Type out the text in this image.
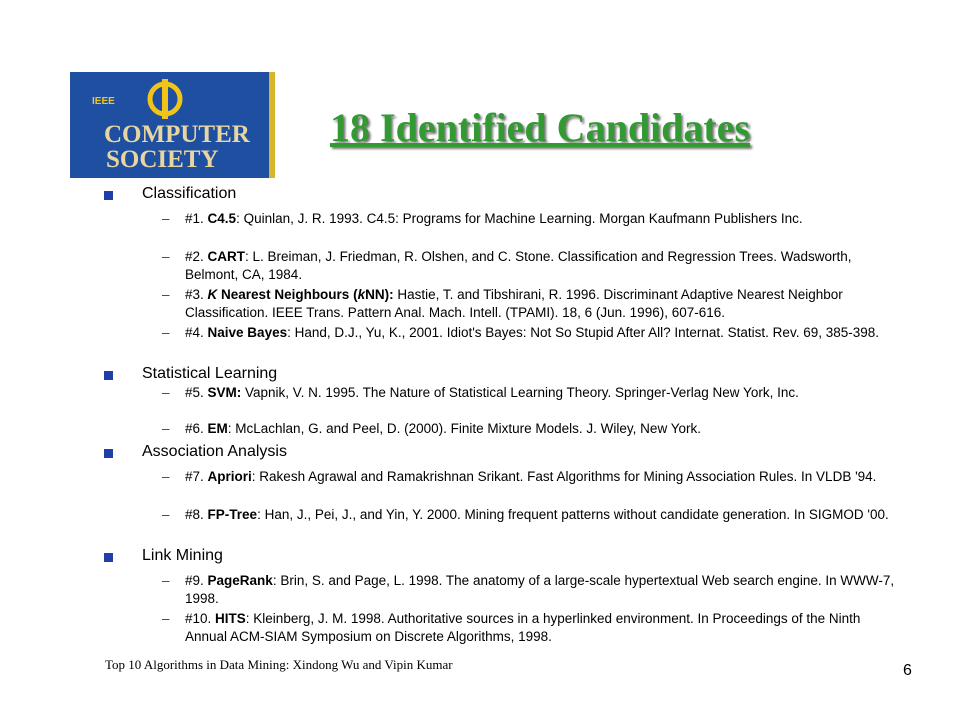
IEEE
COMPUTER
SOCIETY
18 Identified Candidates
Classification
– #1. C4.5: Quinlan, J. R. 1993. C4.5: Programs for Machine Learning. Morgan Kaufmann Publishers Inc.
– #2. CART: L. Breiman, J. Friedman, R. Olshen, and C. Stone. Classification and Regression Trees. Wadsworth, Belmont, CA, 1984.
– #3. K Nearest Neighbours (kNN): Hastie, T. and Tibshirani, R. 1996. Discriminant Adaptive Nearest Neighbor Classification. IEEE Trans. Pattern Anal. Mach. Intell. (TPAMI). 18, 6 (Jun. 1996), 607-616.
– #4. Naive Bayes: Hand, D.J., Yu, K., 2001. Idiot's Bayes: Not So Stupid After All? Internat. Statist. Rev. 69, 385-398.
Statistical Learning
– #5. SVM: Vapnik, V. N. 1995. The Nature of Statistical Learning Theory. Springer-Verlag New York, Inc.
– #6. EM: McLachlan, G. and Peel, D. (2000). Finite Mixture Models. J. Wiley, New York.
Association Analysis
– #7. Apriori: Rakesh Agrawal and Ramakrishnan Srikant. Fast Algorithms for Mining Association Rules. In VLDB '94.
– #8. FP-Tree: Han, J., Pei, J., and Yin, Y. 2000. Mining frequent patterns without candidate generation. In SIGMOD '00.
Link Mining
– #9. PageRank: Brin, S. and Page, L. 1998. The anatomy of a large-scale hypertextual Web search engine. In WWW-7, 1998.
– #10. HITS: Kleinberg, J. M. 1998. Authoritative sources in a hyperlinked environment. In Proceedings of the Ninth Annual ACM-SIAM Symposium on Discrete Algorithms, 1998.
Top 10 Algorithms in Data Mining: Xindong Wu and Vipin Kumar	6
